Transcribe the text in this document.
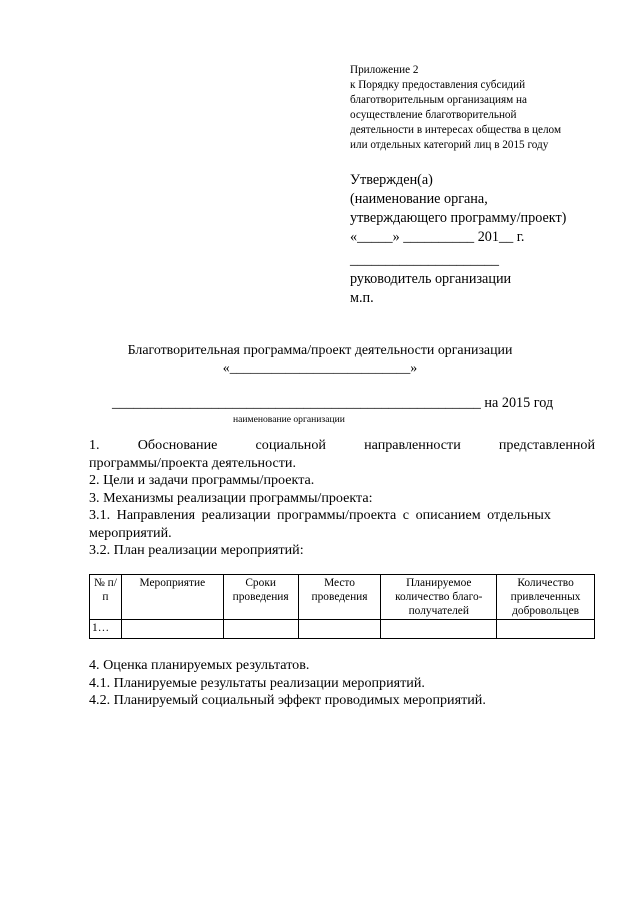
Приложение 2
к Порядку предоставления субсидий
благотворительным организациям на
осуществление благотворительной
деятельности в интересах общества в целом
или отдельных категорий лиц в 2015 году
Утвержден(а)
(наименование органа,
утверждающего программу/проект)
«_____» __________ 201__ г.
_____________________
руководитель организации
м.п.
Благотворительная программа/проект деятельности организации
«__________________________»
____________________________________________________ на 2015 год
наименование организации

1.        Обоснование        социальной        направленности        представленной

программы/проекта деятельности.

2. Цели и задачи программы/проекта.

3. Механизмы реализации программы/проекта:

3.1. Направления реализации программы/проекта с описанием отдельных

мероприятий.

3.2. План реализации мероприятий:

№ п/п	Мероприятие	Сроки проведения	Место проведения	Планируемое количество благо-получателей	Количество привлеченных добровольцев
1…					

4. Оценка планируемых результатов.

4.1. Планируемые результаты реализации мероприятий.

4.2. Планируемый социальный эффект проводимых мероприятий.
